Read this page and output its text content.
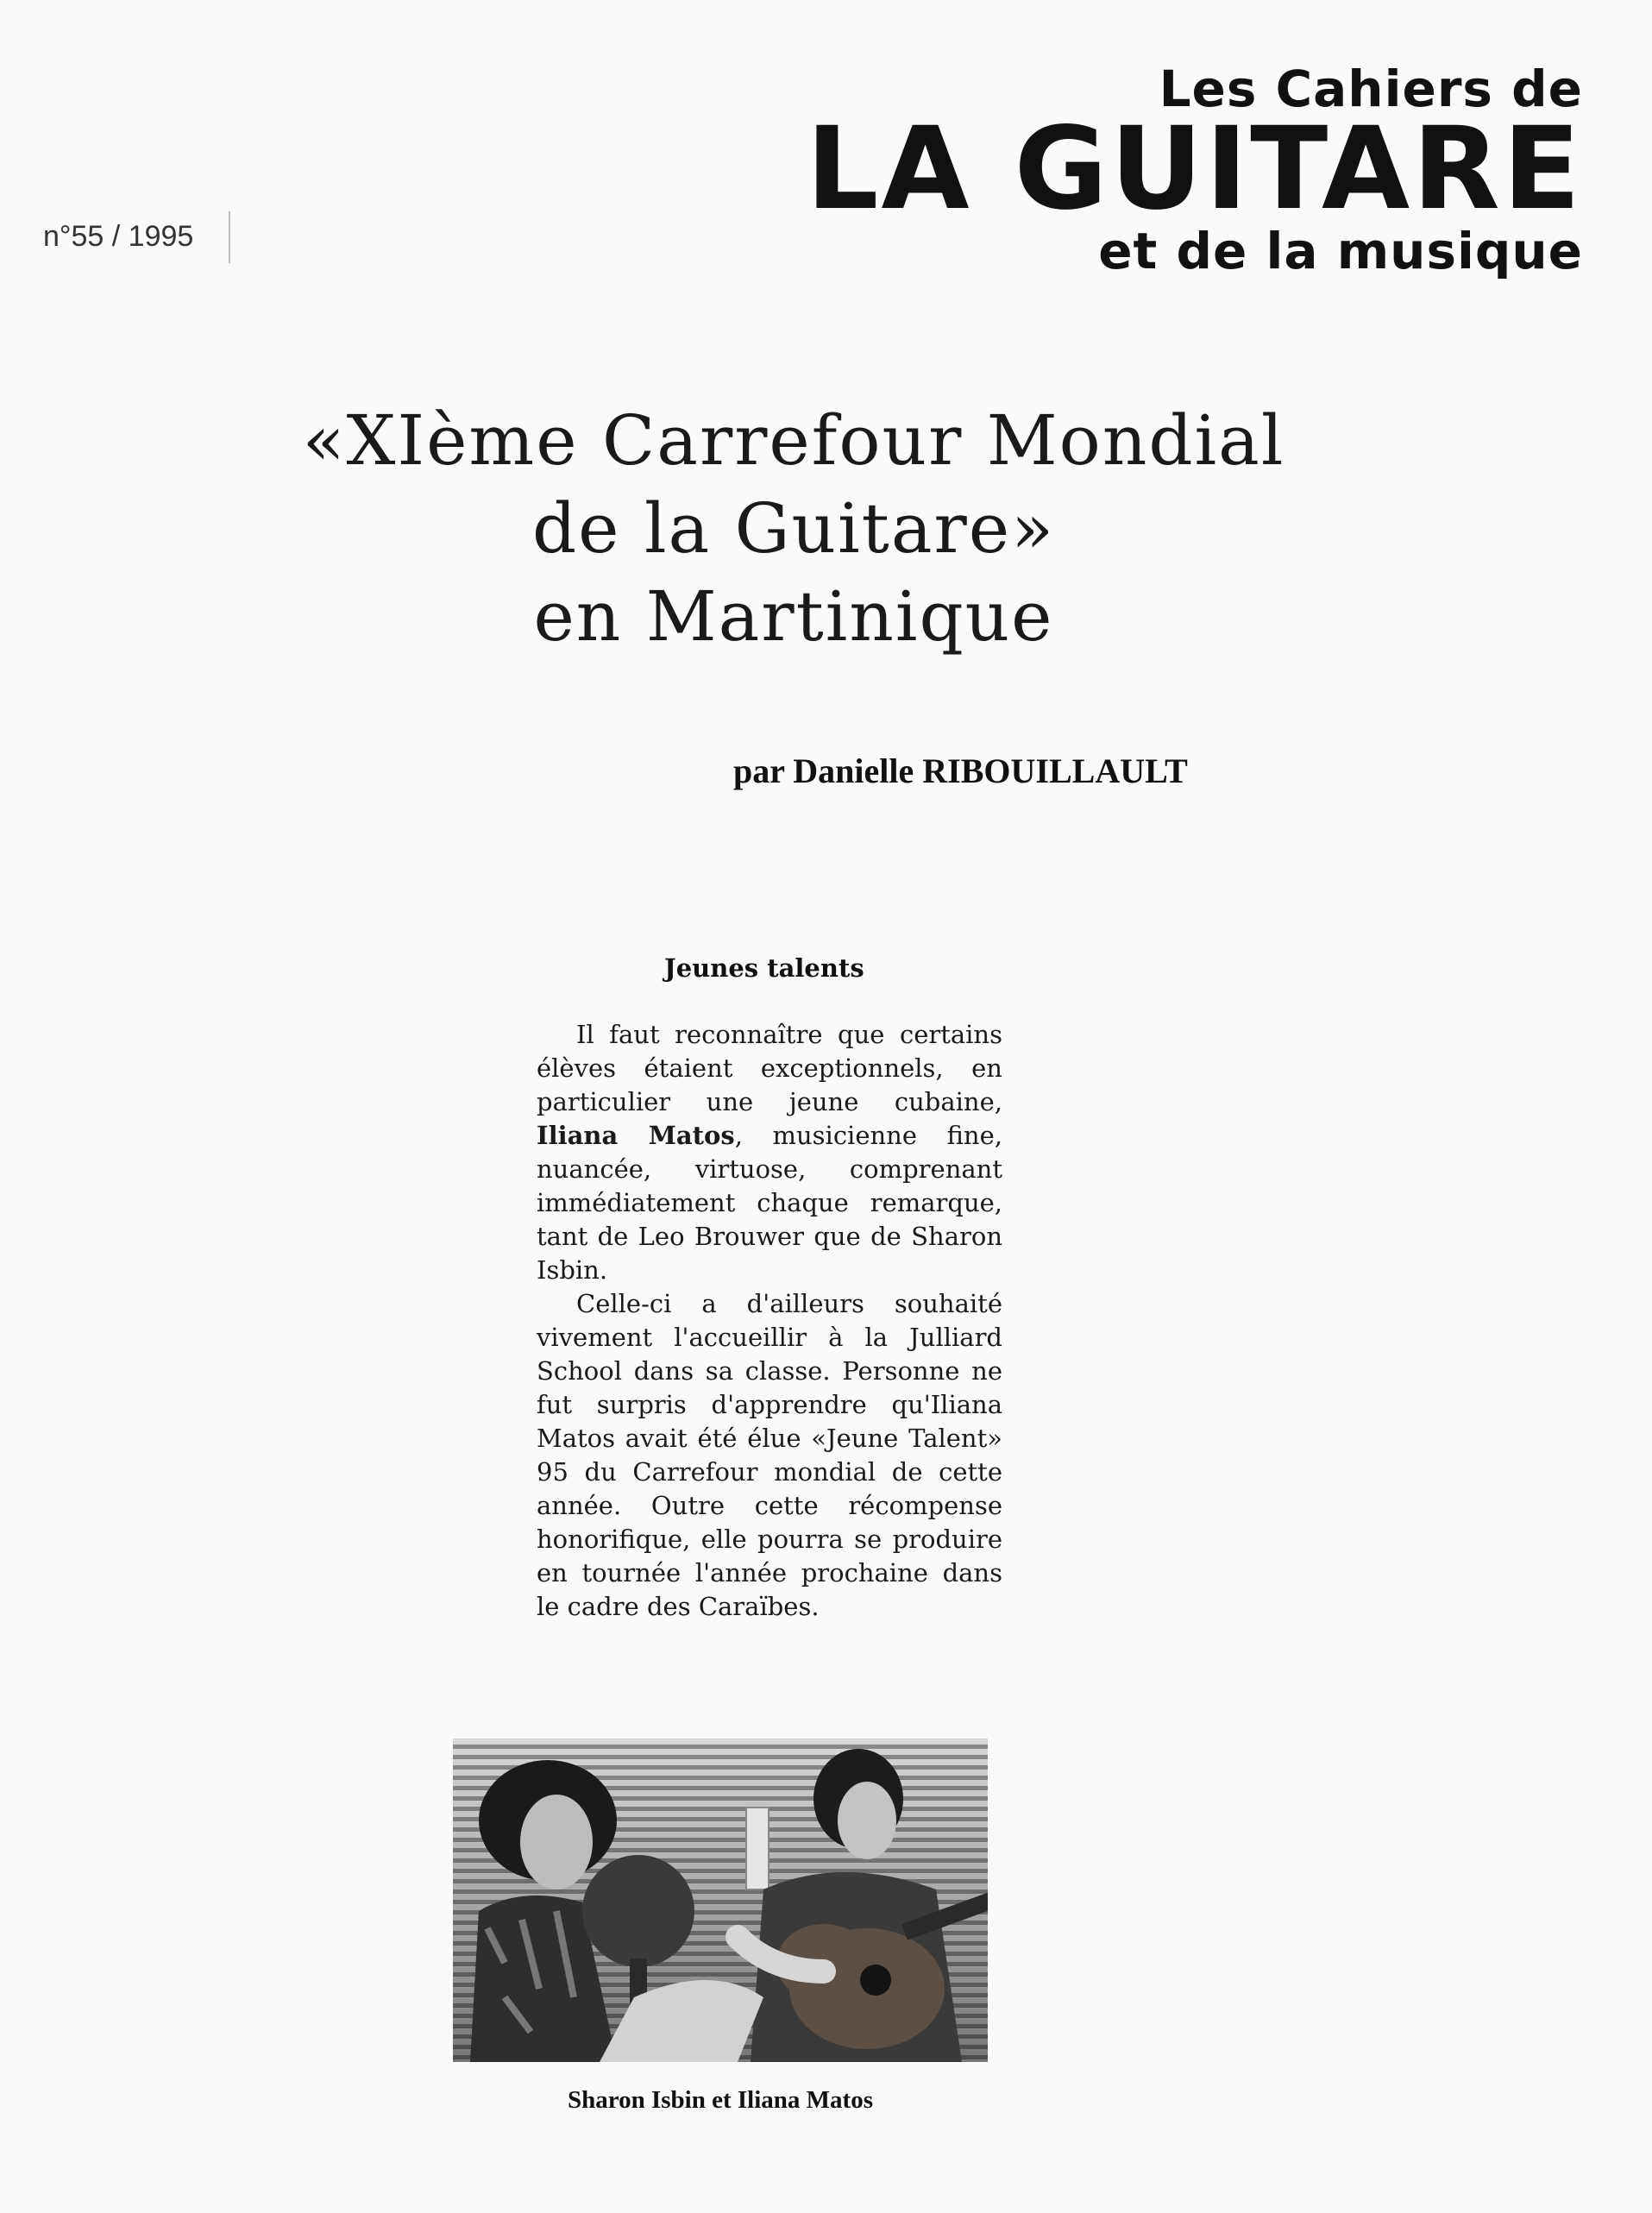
n°55 / 1995
Les Cahiers de
LA GUITARE
et de la musique
«XIème Carrefour Mondial
de la Guitare»
en Martinique
par Danielle RIBOUILLAULT
Jeunes talents

Il faut reconnaître que certains élèves étaient exceptionnels, en particulier une jeune cubaine, Iliana Matos, musicienne fine, nuancée, virtuose, comprenant immédiatement chaque remarque, tant de Leo Brouwer que de Sharon Isbin.

Celle-ci a d'ailleurs souhaité vivement l'accueillir à la Julliard School dans sa classe. Personne ne fut surpris d'apprendre qu'Iliana Matos avait été élue «Jeune Talent» 95 du Carrefour mondial de cette année. Outre cette récompense honorifique, elle pourra se produire en tournée l'année prochaine dans le cadre des Caraïbes.

Sharon Isbin et Iliana Matos
